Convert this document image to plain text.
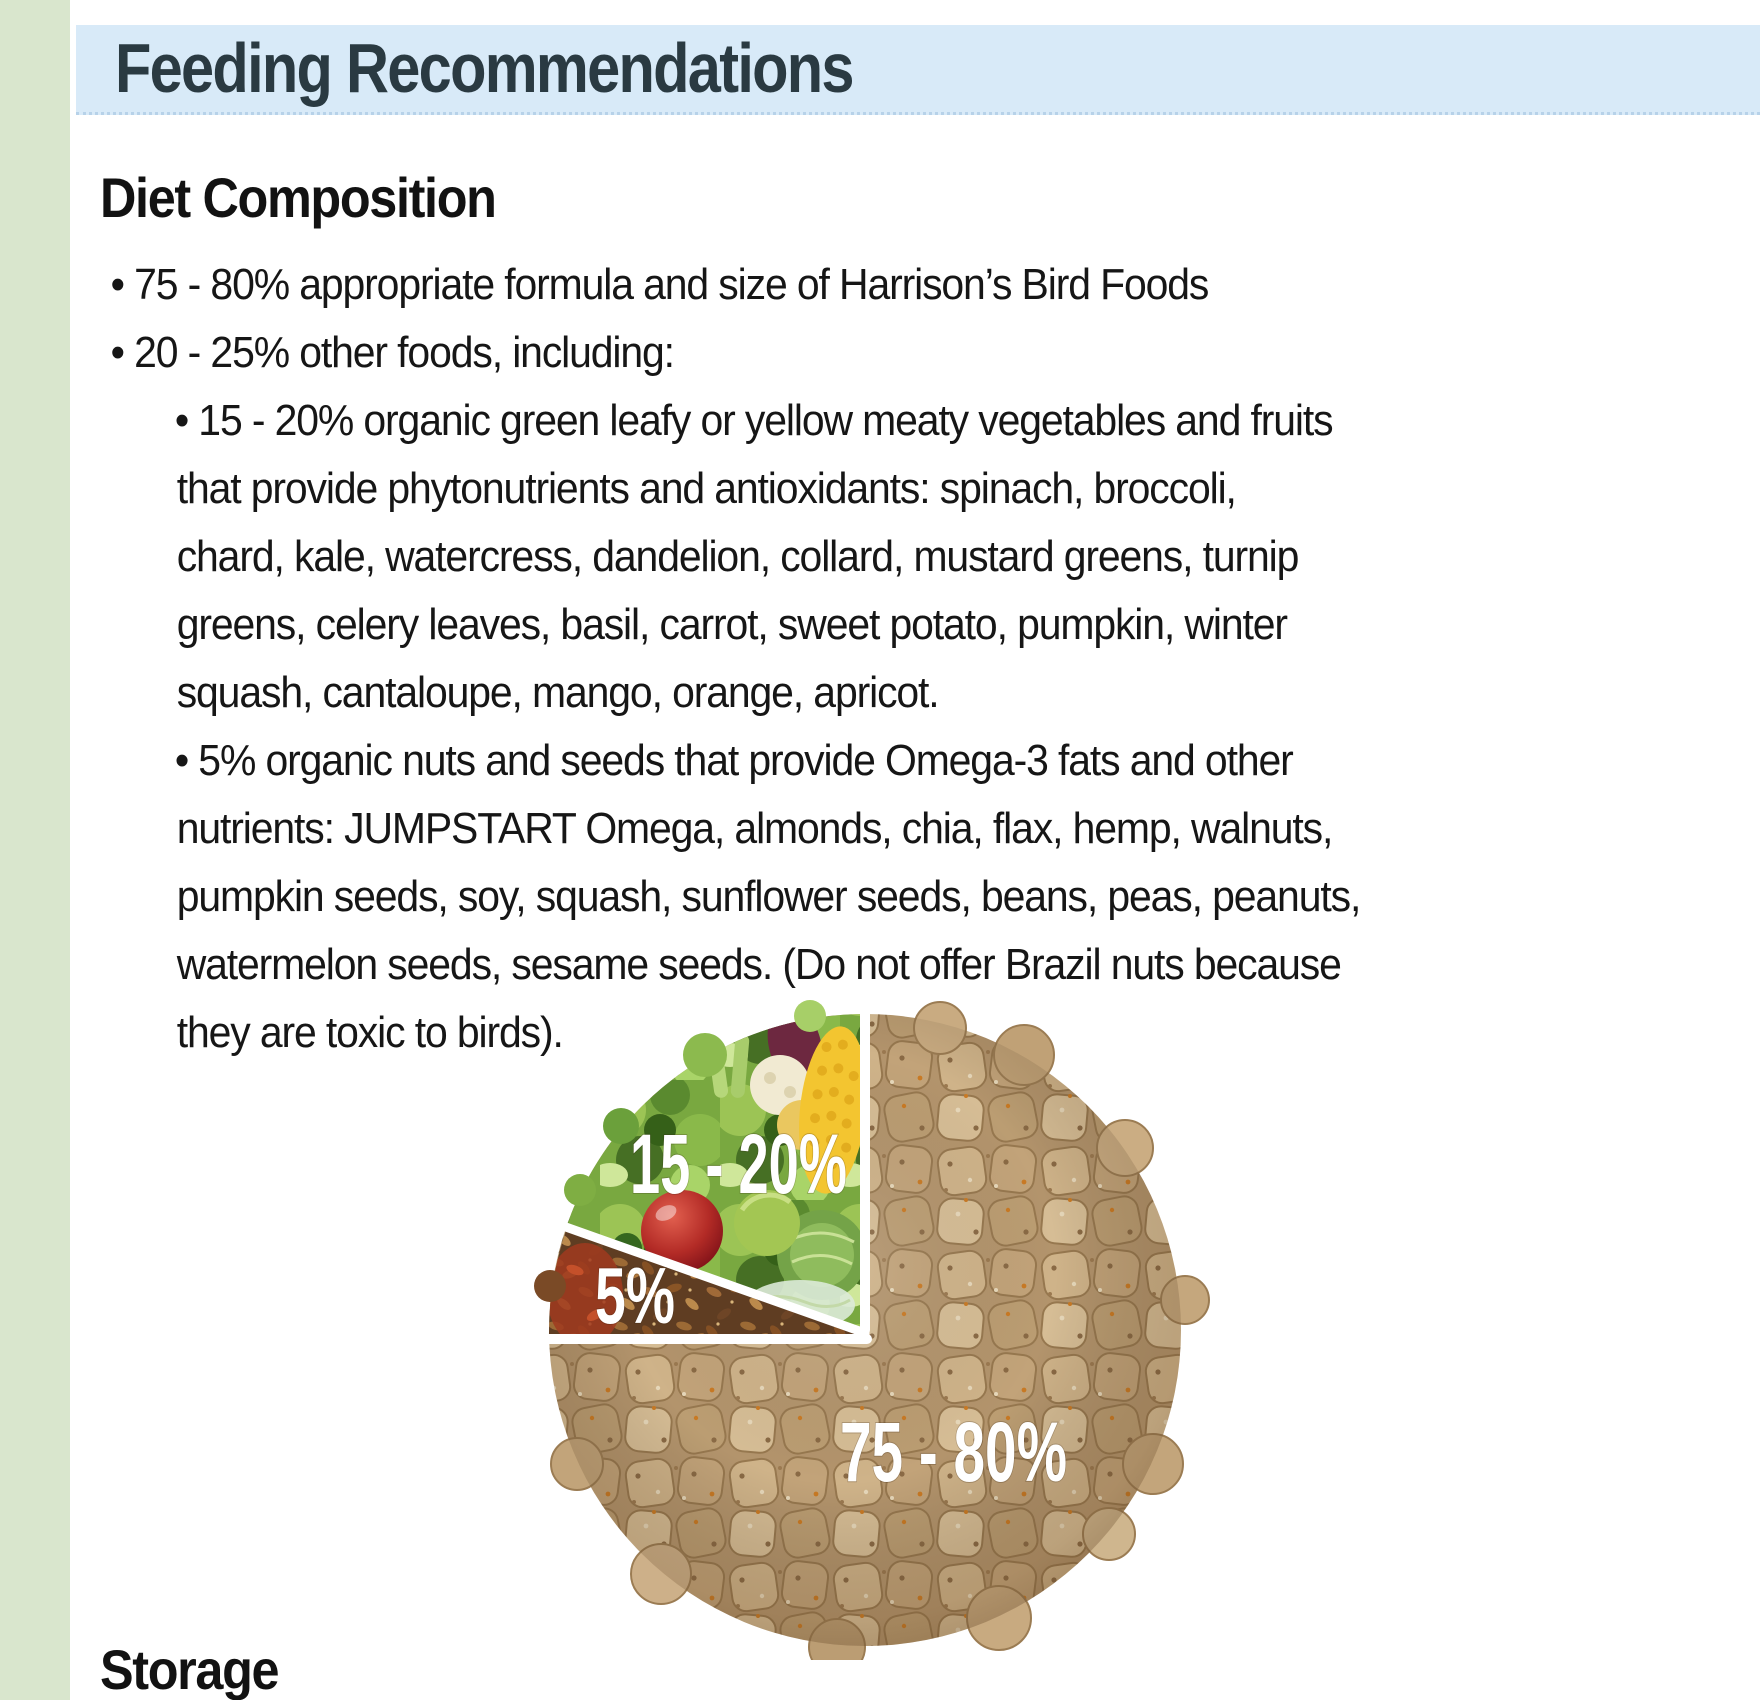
Feeding Recommendations
Diet Composition
• 75 - 80% appropriate formula and size of Harrison’s Bird Foods
• 20 - 25% other foods, including:
• 15 - 20% organic green leafy or yellow meaty vegetables and fruits
that provide phytonutrients and antioxidants: spinach, broccoli,
chard, kale, watercress, dandelion, collard, mustard greens, turnip
greens, celery leaves, basil, carrot, sweet potato, pumpkin, winter
squash, cantaloupe, mango, orange, apricot.
• 5% organic nuts and seeds that provide Omega-3 fats and other
nutrients: JUMPSTART Omega, almonds, chia, flax, hemp, walnuts,
pumpkin seeds, soy, squash, sunflower seeds, beans, peas, peanuts,
watermelon seeds, sesame seeds. (Do not offer Brazil nuts because
they are toxic to birds).
15 - 20%
5%
75 - 80%
Storage
